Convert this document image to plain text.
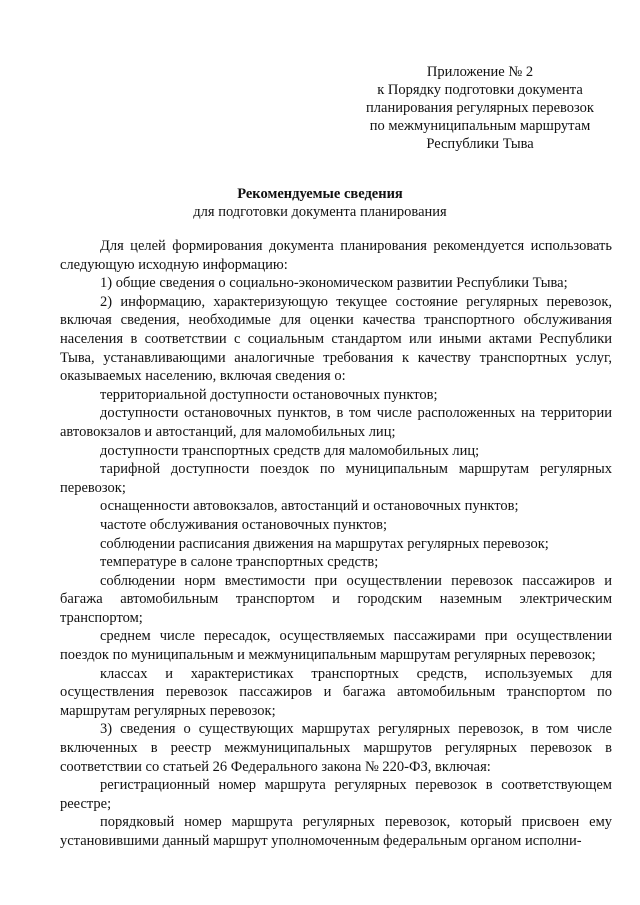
Приложение № 2
к Порядку подготовки документа
планирования регулярных перевозок
по межмуниципальным маршрутам
Республики Тыва
Рекомендуемые сведения
для подготовки документа планирования

Для целей формирования документа планирования рекомендуется использовать следующую исходную информацию:

1) общие сведения о социально-экономическом развитии Республики Тыва;

2) информацию, характеризующую текущее состояние регулярных перевозок, включая сведения, необходимые для оценки качества транспортного обслуживания населения в соответствии с социальным стандартом или иными актами Республики Тыва, устанавливающими аналогичные требования к качеству транспортных услуг, оказываемых населению, включая сведения о:

территориальной доступности остановочных пунктов;

доступности остановочных пунктов, в том числе расположенных на территории автовокзалов и автостанций, для маломобильных лиц;

доступности транспортных средств для маломобильных лиц;

тарифной доступности поездок по муниципальным маршрутам регулярных перевозок;

оснащенности автовокзалов, автостанций и остановочных пунктов;

частоте обслуживания остановочных пунктов;

соблюдении расписания движения на маршрутах регулярных перевозок;

температуре в салоне транспортных средств;

соблюдении норм вместимости при осуществлении перевозок пассажиров и багажа автомобильным транспортом и городским наземным электрическим транспортом;

среднем числе пересадок, осуществляемых пассажирами при осуществлении поездок по муниципальным и межмуниципальным маршрутам регулярных перевозок;

классах и характеристиках транспортных средств, используемых для осуществления перевозок пассажиров и багажа автомобильным транспортом по маршрутам регулярных перевозок;

3) сведения о существующих маршрутах регулярных перевозок, в том числе включенных в реестр межмуниципальных маршрутов регулярных перевозок в соответствии со статьей 26 Федерального закона № 220-ФЗ, включая:

регистрационный номер маршрута регулярных перевозок в соответствующем реестре;

порядковый номер маршрута регулярных перевозок, который присвоен ему установившими данный маршрут уполномоченным федеральным органом исполни-
